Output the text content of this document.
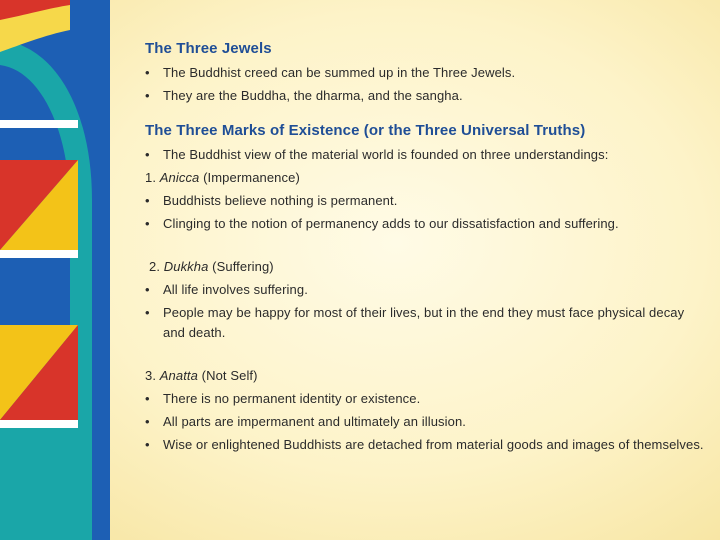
The Three Jewels
•	The Buddhist creed can be summed up in the Three Jewels.
•	They are the Buddha, the dharma, and the sangha.
The Three Marks of Existence (or the Three Universal Truths)
•	The Buddhist view of the material world is founded on three understandings:
1. Anicca (Impermanence)
•	Buddhists believe nothing is permanent.
•	Clinging to the notion of permanency adds to our dissatisfaction and suffering.
2. Dukkha (Suffering)
•	All life involves suffering.
•	People may be happy for most of their lives, but in the end they must face physical decay and death.
3. Anatta (Not Self)
•	There is no permanent identity or existence.
•	All parts are impermanent and ultimately an illusion.
•	Wise or enlightened Buddhists are detached from material goods and images of themselves.
